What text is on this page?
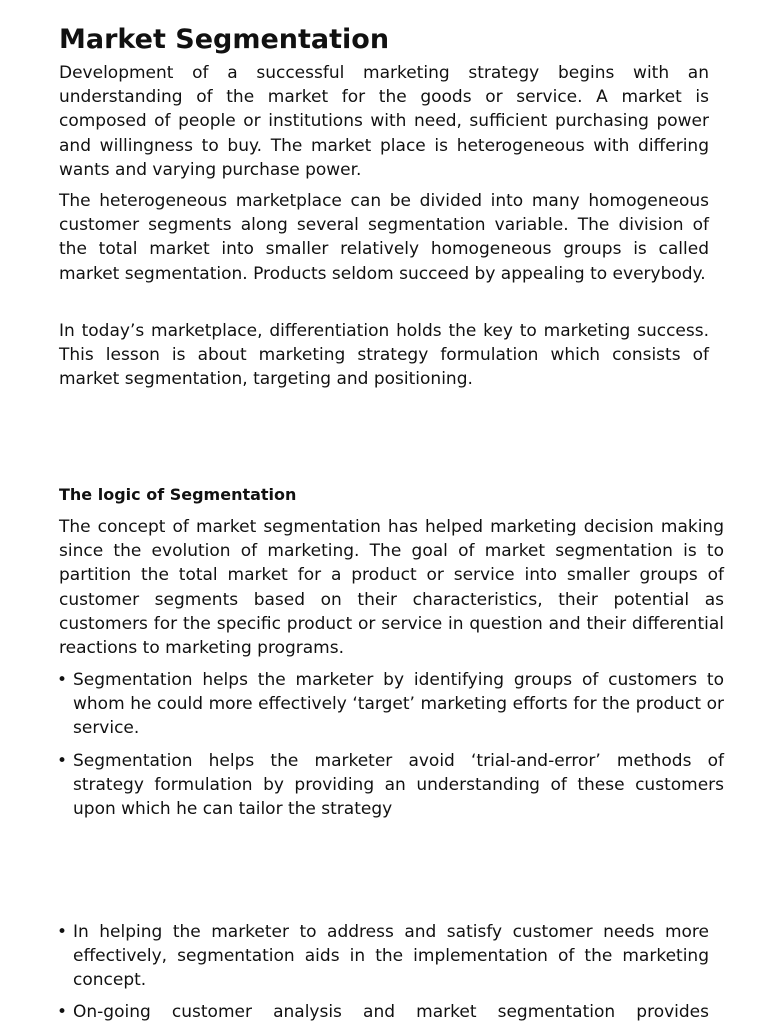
Market Segmentation

Development of a successful marketing strategy begins with an understanding of the market for the goods or service. A market is composed of people or institutions with need, sufficient purchasing power and willingness to buy. The market place is heterogeneous with differing wants and varying purchase power.

The heterogeneous marketplace can be divided into many homogeneous customer segments along several segmentation variable. The division of the total market into smaller relatively homogeneous groups is called market segmentation. Products seldom succeed by appealing to everybody.

In today’s marketplace, differentiation holds the key to marketing success. This lesson is about marketing strategy formulation which consists of market segmentation, targeting and positioning.

The logic of Segmentation

The concept of market segmentation has helped marketing decision making since the evolution of marketing. The goal of market segmentation is to partition the total market for a product or service into smaller groups of customer segments based on their characteristics, their potential as customers for the specific product or service in question and their differential reactions to marketing programs.

• Segmentation helps the marketer by identifying groups of customers to whom he could more effectively ‘target’ marketing efforts for the product or service.

• Segmentation helps the marketer avoid ‘trial-and-error’ methods of strategy formulation by providing an understanding of these customers upon which he can tailor the strategy

• In helping the marketer to address and satisfy customer needs more effectively, segmentation aids in the implementation of the marketing concept.

• On-going customer analysis and market segmentation provides
